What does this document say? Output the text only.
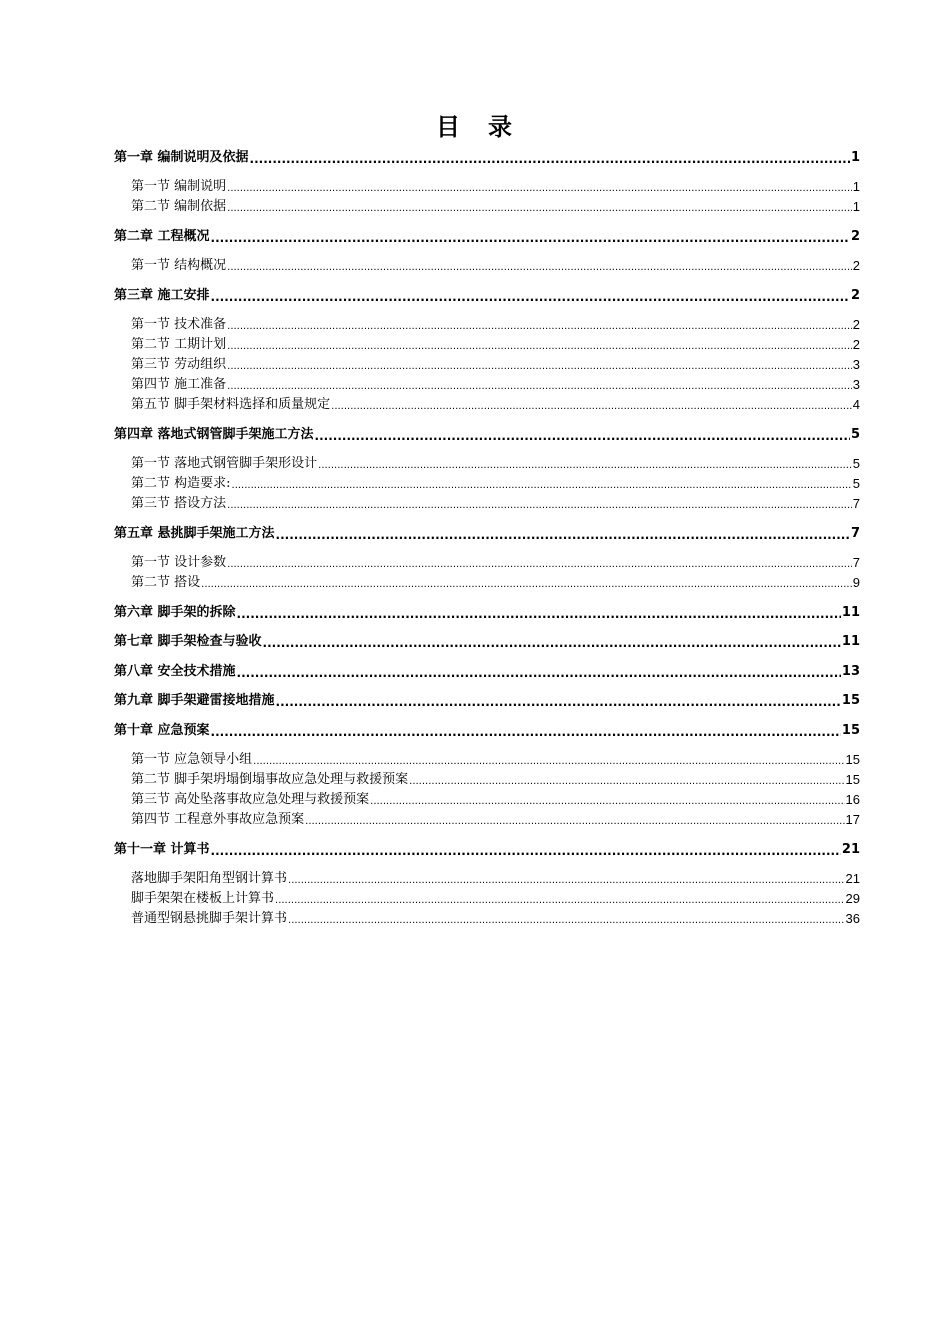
目　录
第一章 编制说明及依据 .....	1
第一节 编制说明 .....	1
第二节 编制依据 .....	1
第二章 工程概况 .....	2
第一节 结构概况 .....	2
第三章 施工安排 .....	2
第一节 技术准备 .....	2
第二节 工期计划 .....	2
第三节 劳动组织 .....	3
第四节 施工准备 .....	3
第五节 脚手架材料选择和质量规定 .....	4
第四章 落地式钢管脚手架施工方法 .....	5
第一节 落地式钢管脚手架形设计 .....	5
第二节 构造要求: .....	5
第三节 搭设方法 .....	7
第五章 悬挑脚手架施工方法 .....	7
第一节 设计参数 .....	7
第二节 搭设 .....	9
第六章 脚手架的拆除 .....	11
第七章 脚手架检查与验收 .....	11
第八章 安全技术措施 .....	13
第九章 脚手架避雷接地措施 .....	15
第十章 应急预案 .....	15
第一节 应急领导小组 .....	15
第二节 脚手架坍塌倒塌事故应急处理与救援预案 .....	15
第三节 高处坠落事故应急处理与救援预案 .....	16
第四节 工程意外事故应急预案 .....	17
第十一章 计算书 .....	21
落地脚手架阳角型钢计算书 .....	21
脚手架架在楼板上计算书 .....	29
普通型钢悬挑脚手架计算书 .....	36
